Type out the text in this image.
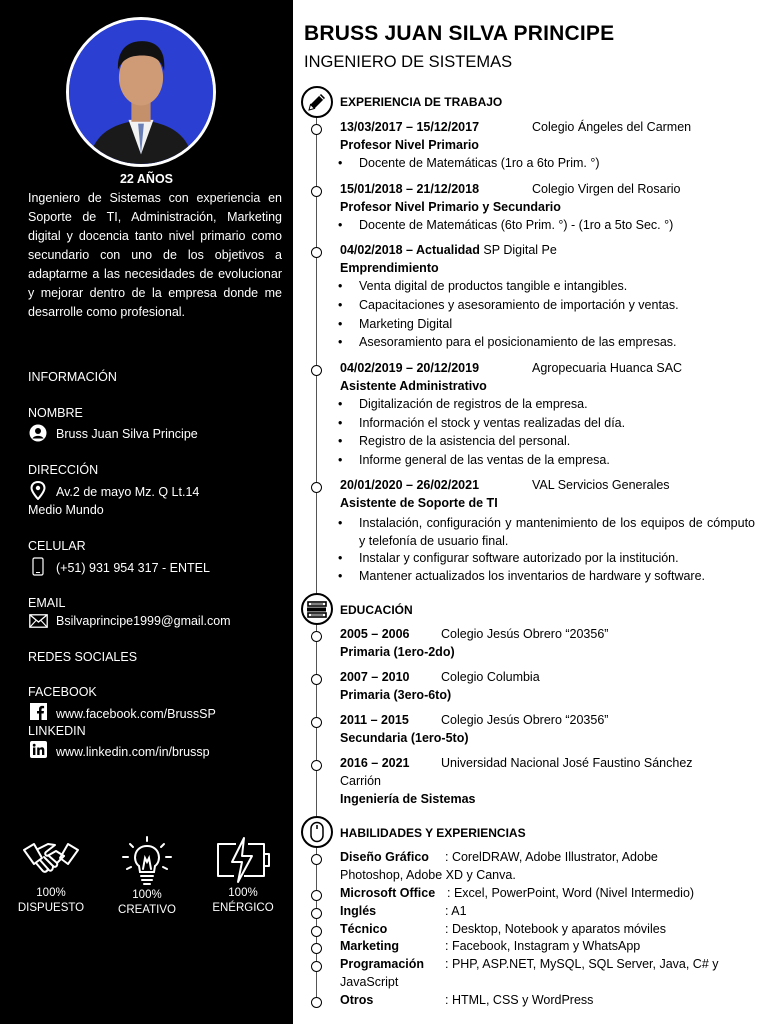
22 AÑOS
Ingeniero de Sistemas con experiencia en Soporte de TI, Administración, Marketing digital y docencia tanto nivel primario como secundario con uno de los objetivos a adaptarme a las necesidades de evolucionar y mejorar dentro de la empresa donde me desarrolle como profesional.
INFORMACIÓN
NOMBRE
Bruss Juan Silva Principe
DIRECCIÓN
Av.2 de mayo Mz. Q Lt.14
Medio Mundo
CELULAR
(+51) 931 954 317 - ENTEL
EMAIL
Bsilvaprincipe1999@gmail.com
REDES SOCIALES
FACEBOOK
www.facebook.com/BrussSP
LINKEDIN
www.linkedin.com/in/brussp
100%
DISPUESTO
100%
CREATIVO
100%
ENÉRGICO
BRUSS JUAN SILVA PRINCIPE
INGENIERO DE SISTEMAS
EXPERIENCIA DE TRABAJO
13/03/2017 – 15/12/2017	Colegio Ángeles del Carmen
Profesor Nivel Primario
Docente de Matemáticas (1ro a 6to Prim. °)
15/01/2018 – 21/12/2018	Colegio Virgen del Rosario
Profesor Nivel Primario y Secundario
Docente de Matemáticas (6to Prim. °) - (1ro a 5to Sec. °)
04/02/2018 – Actualidad SP Digital Pe
Emprendimiento
Venta digital de productos tangible e intangibles.
Capacitaciones y asesoramiento de importación y ventas.
Marketing Digital
Asesoramiento para el posicionamiento de las empresas.
04/02/2019 – 20/12/2019	Agropecuaria Huanca SAC
Asistente Administrativo
Digitalización de registros de la empresa.
Información el stock y ventas realizadas del día.
Registro de la asistencia del personal.
Informe general de las ventas de la empresa.
20/01/2020 – 26/02/2021	VAL Servicios Generales
Asistente de Soporte de TI
• Instalación, configuración y mantenimiento de los equipos de cómputo y telefonía de usuario final.
Instalar y configurar software autorizado por la institución.
Mantener actualizados los inventarios de hardware y software.
EDUCACIÓN
2005 – 2006	Colegio Jesús Obrero “20356”
Primaria (1ero-2do)
2007 – 2010	Colegio Columbia
Primaria (3ero-6to)
2011 – 2015	Colegio Jesús Obrero “20356”
Secundaria (1ero-5to)
2016 – 2021	Universidad Nacional José Faustino Sánchez
Carrión
Ingeniería de Sistemas
HABILIDADES Y EXPERIENCIAS
Diseño Gráfico : CorelDRAW, Adobe Illustrator, Adobe
Photoshop, Adobe XD y Canva.
Microsoft Office : Excel, PowerPoint, Word (Nivel Intermedio)
Inglés	: A1
Técnico	: Desktop, Notebook y aparatos móviles
Marketing	: Facebook, Instagram y WhatsApp
Programación : PHP, ASP.NET, MySQL, SQL Server, Java, C# y
JavaScript
Otros	: HTML, CSS y WordPress
